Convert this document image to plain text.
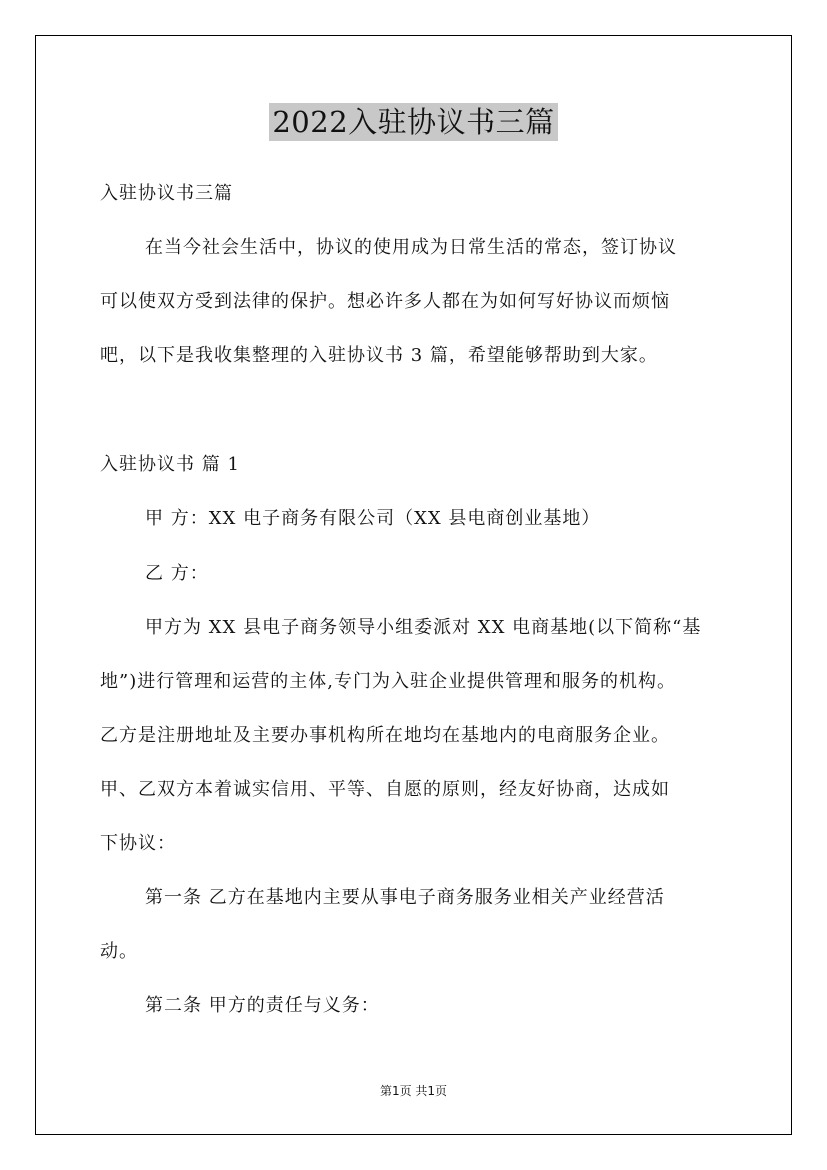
2022入驻协议书三篇
入驻协议书三篇
在当今社会生活中，协议的使用成为日常生活的常态，签订协议
可以使双方受到法律的保护。想必许多人都在为如何写好协议而烦恼
吧，以下是我收集整理的入驻协议书 3 篇，希望能够帮助到大家。
入驻协议书 篇 1
甲 方：XX 电子商务有限公司（XX 县电商创业基地）
乙 方：
甲方为 XX 县电子商务领导小组委派对 XX 电商基地(以下简称“基
地”)进行管理和运营的主体,专门为入驻企业提供管理和服务的机构。
乙方是注册地址及主要办事机构所在地均在基地内的电商服务企业。
甲、乙双方本着诚实信用、平等、自愿的原则，经友好协商，达成如
下协议：
第一条 乙方在基地内主要从事电子商务服务业相关产业经营活
动。
第二条 甲方的责任与义务：
第1页 共1页
